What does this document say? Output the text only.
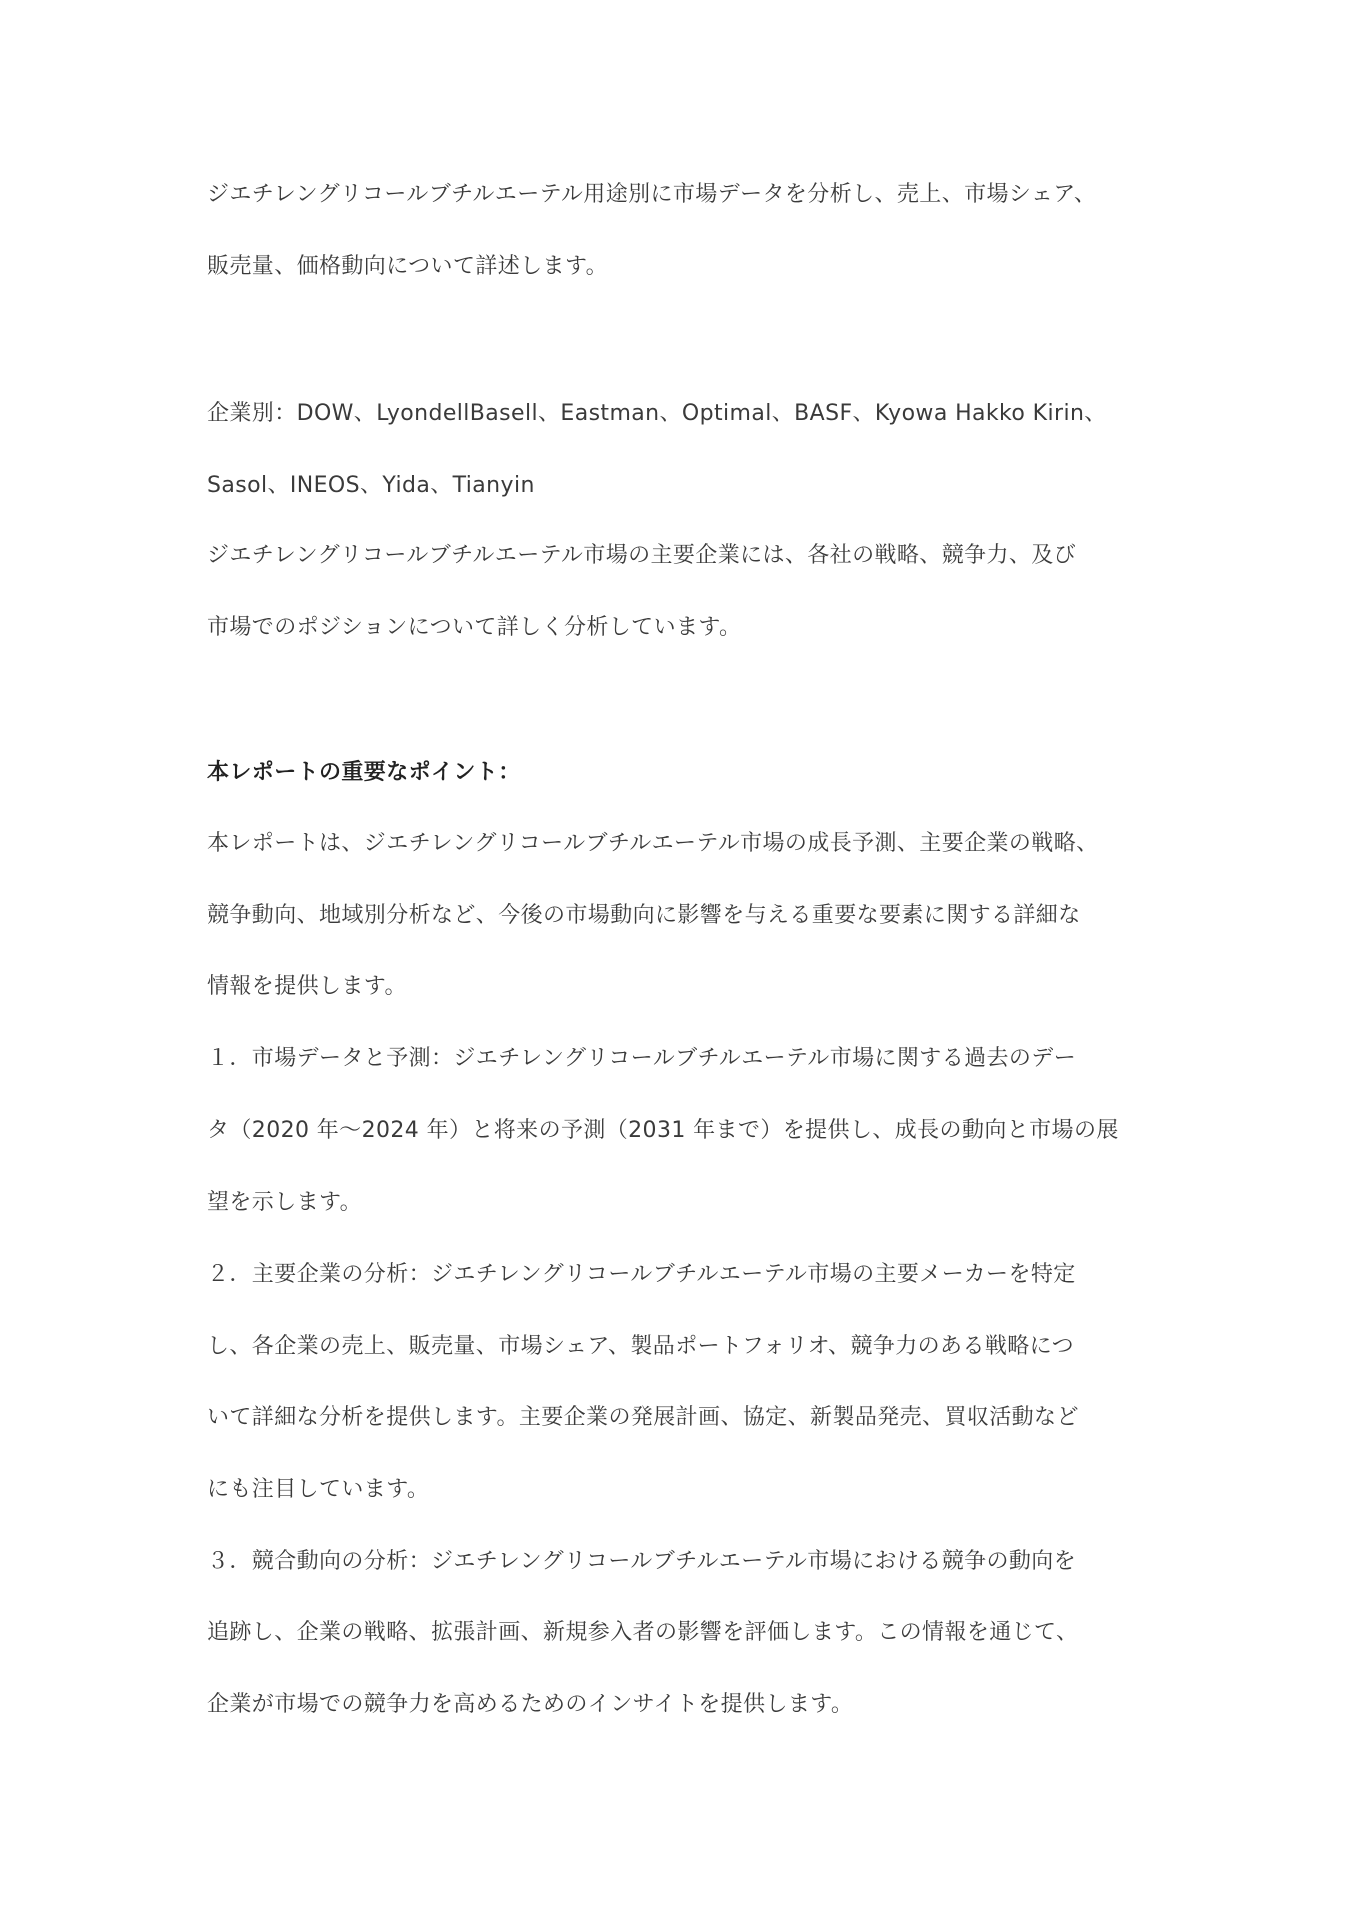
ジエチレングリコールブチルエーテル用途別に市場データを分析し、売上、市場シェア、
販売量、価格動向について詳述します。
企業別：DOW、LyondellBasell、Eastman、Optimal、BASF、Kyowa Hakko Kirin、
Sasol、INEOS、Yida、Tianyin
ジエチレングリコールブチルエーテル市場の主要企業には、各社の戦略、競争力、及び
市場でのポジションについて詳しく分析しています。
本レポートの重要なポイント：
本レポートは、ジエチレングリコールブチルエーテル市場の成長予測、主要企業の戦略、
競争動向、地域別分析など、今後の市場動向に影響を与える重要な要素に関する詳細な
情報を提供します。
１．市場データと予測：ジエチレングリコールブチルエーテル市場に関する過去のデー
タ（2020 年～2024 年）と将来の予測（2031 年まで）を提供し、成長の動向と市場の展
望を示します。
２．主要企業の分析：ジエチレングリコールブチルエーテル市場の主要メーカーを特定
し、各企業の売上、販売量、市場シェア、製品ポートフォリオ、競争力のある戦略につ
いて詳細な分析を提供します。主要企業の発展計画、協定、新製品発売、買収活動など
にも注目しています。
３．競合動向の分析：ジエチレングリコールブチルエーテル市場における競争の動向を
追跡し、企業の戦略、拡張計画、新規参入者の影響を評価します。この情報を通じて、
企業が市場での競争力を高めるためのインサイトを提供します。
